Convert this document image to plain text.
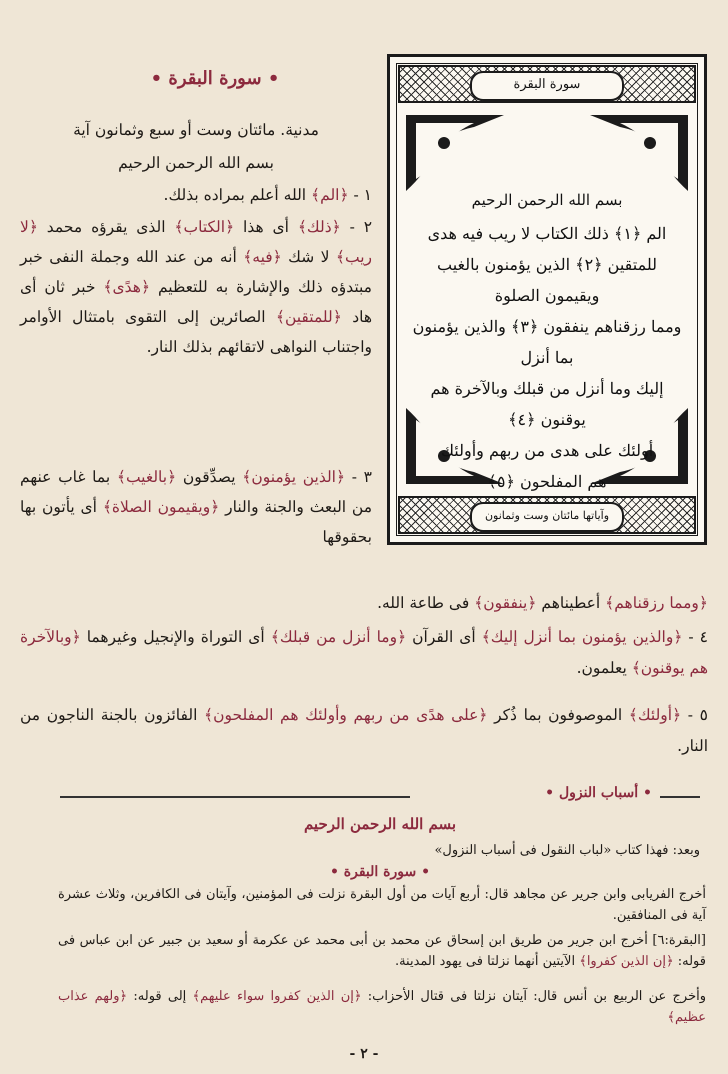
سورة البقرة

بسم الله الرحمن الرحيم

الم ﴿١﴾ ذلك الكتاب لا ريب فيه هدى

للمتقين ﴿٢﴾ الذين يؤمنون بالغيب ويقيمون الصلوة

ومما رزقناهم ينفقون ﴿٣﴾ والذين يؤمنون بما أنزل

إليك وما أنزل من قبلك وبالآخرة هم يوقنون ﴿٤﴾

أولئك على هدى من ربهم وأولئك

هم المفلحون ﴿٥﴾

وآياتها مائتان وست وثمانون
• سورة البقرة •
مدنية. مائتان وست أو سبع وثمانون آية
بسم الله الرحمن الرحيم
١ - ﴿الم﴾ الله أعلم بمراده بذلك.
٢ - ﴿ذلك﴾ أى هذا ﴿الكتاب﴾ الذى يقرؤه محمد ﴿لا ريب﴾ لا شك ﴿فيه﴾ أنه من عند الله وجملة النفى خبر مبتدؤه ذلك والإشارة به للتعظيم ﴿هدًى﴾ خبر ثان أى هاد ﴿للمتقين﴾ الصائرين إلى التقوى بامتثال الأوامر واجتناب النواهى لاتقائهم بذلك النار.
٣ - ﴿الذين يؤمنون﴾ يصدِّقون ﴿بالغيب﴾ بما غاب عنهم من البعث والجنة والنار ﴿ويقيمون الصلاة﴾ أى يأتون بها بحقوقها
﴿ومما رزقناهم﴾ أعطيناهم ﴿ينفقون﴾ فى طاعة الله.
٤ - ﴿والذين يؤمنون بما أنزل إليك﴾ أى القرآن ﴿وما أنزل من قبلك﴾ أى التوراة والإنجيل وغيرهما ﴿وبالآخرة هم يوقنون﴾ يعلمون.
٥ - ﴿أولئك﴾ الموصوفون بما ذُكر ﴿على هدًى من ربهم وأولئك هم المفلحون﴾ الفائزون بالجنة الناجون من النار.
• أسباب النزول •
بسم الله الرحمن الرحيم
وبعد: فهذا كتاب «لباب النقول فى أسباب النزول»
• سورة البقرة •
أخرج الفريابى وابن جرير عن مجاهد قال: أربع آيات من أول البقرة نزلت فى المؤمنين، وآيتان فى الكافرين، وثلاث عشرة آية فى المنافقين.
[البقرة:٦] أخرج ابن جرير من طريق ابن إسحاق عن محمد بن أبى محمد عن عكرمة أو سعيد بن جبير عن ابن عباس فى قوله: ﴿إن الذين كفروا﴾ الآيتين أنهما نزلتا فى يهود المدينة.
وأخرج عن الربيع بن أنس قال: آيتان نزلتا فى قتال الأحزاب: ﴿إن الذين كفروا سواء عليهم﴾ إلى قوله: ﴿ولهم عذاب عظيم﴾
- ٢ -
